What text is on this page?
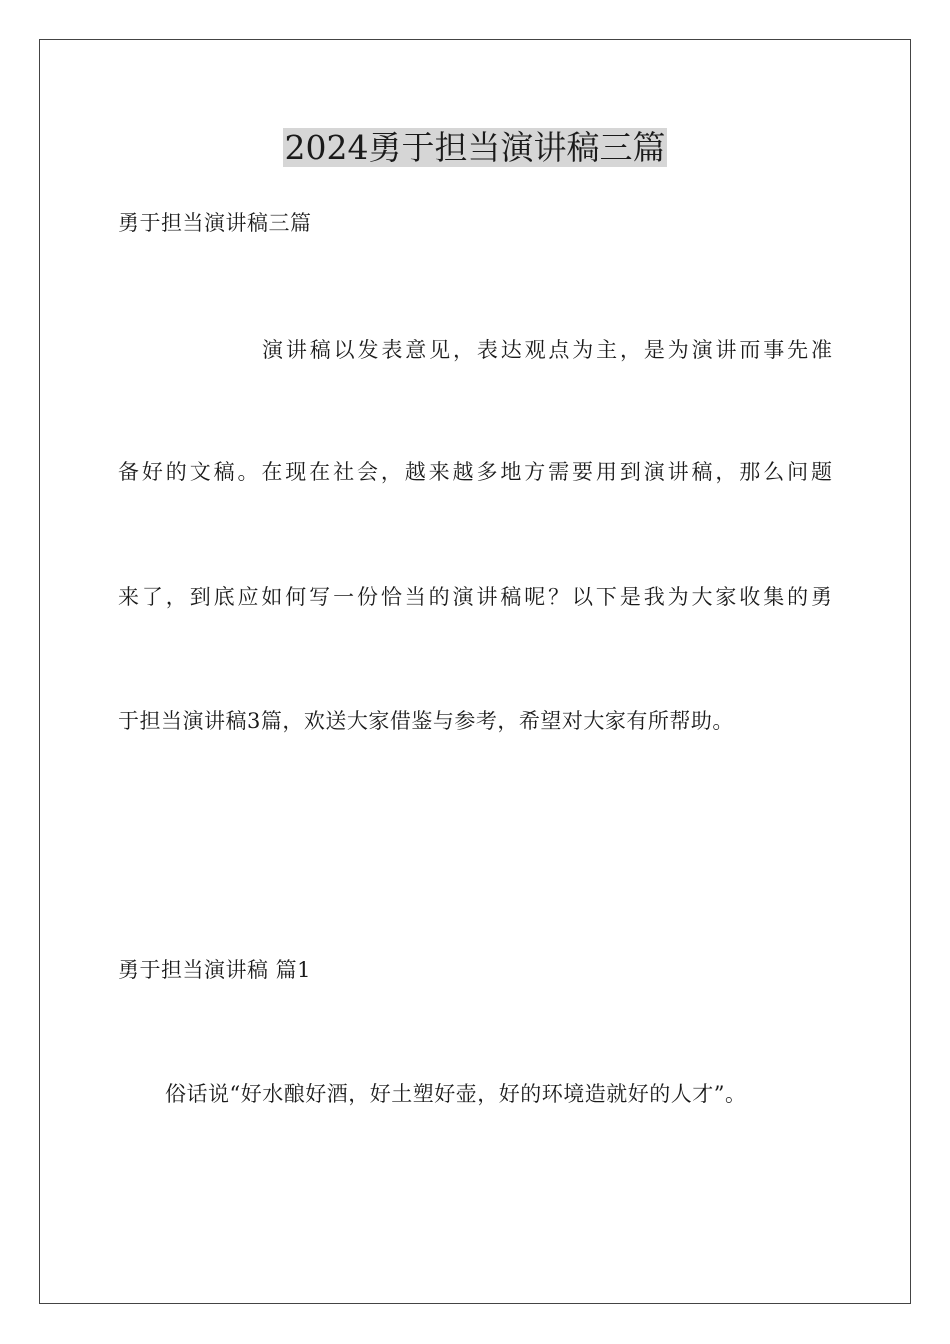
2024勇于担当演讲稿三篇
勇于担当演讲稿三篇
演讲稿以发表意见，表达观点为主，是为演讲而事先准
备好的文稿。在现在社会，越来越多地方需要用到演讲稿，那么问题
来了，到底应如何写一份恰当的演讲稿呢？以下是我为大家收集的勇
于担当演讲稿3篇，欢送大家借鉴与参考，希望对大家有所帮助。
勇于担当演讲稿 篇1
俗话说“好水酿好酒，好土塑好壶，好的环境造就好的人才”。
